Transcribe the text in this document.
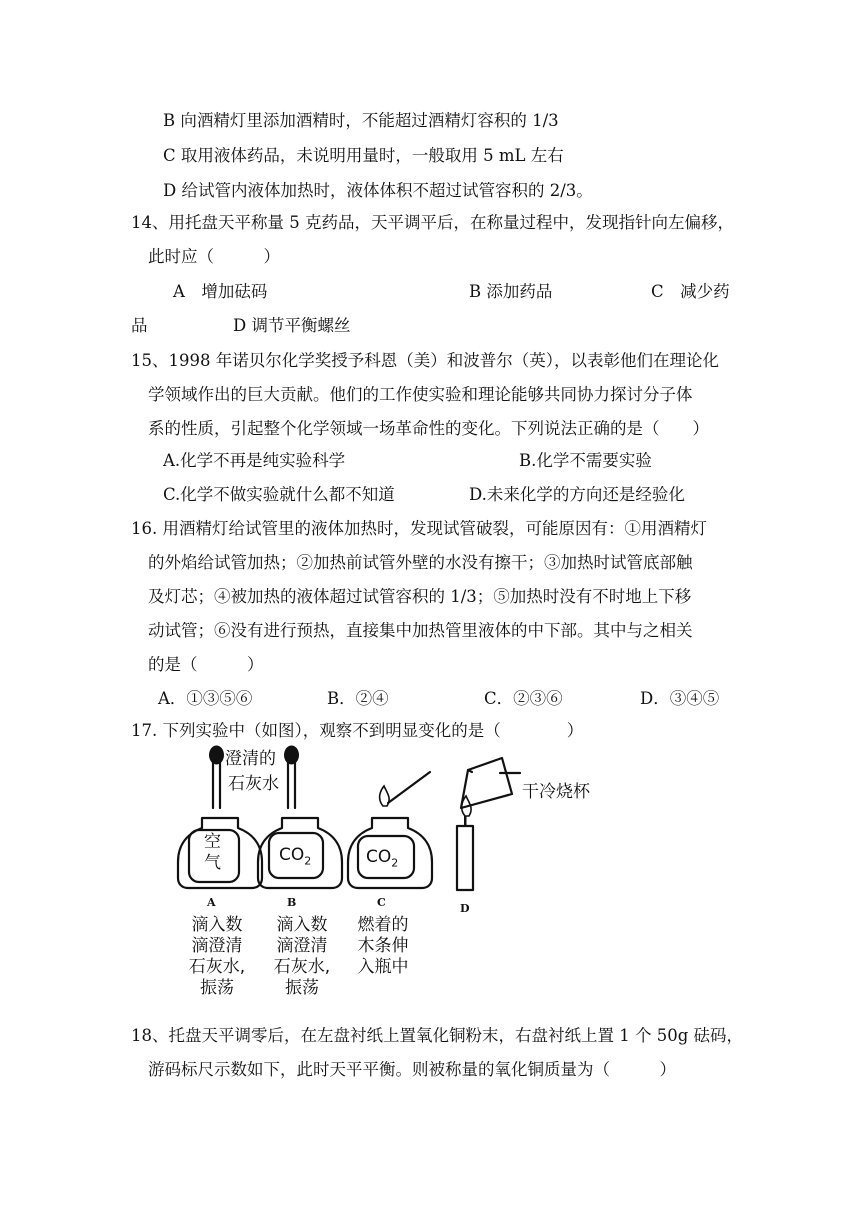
B 向酒精灯里添加酒精时，不能超过酒精灯容积的 1/3
C 取用液体药品，未说明用量时，一般取用 5 mL 左右
D 给试管内液体加热时，液体体积不超过试管容积的 2/3。
14、用托盘天平称量 5 克药品，天平调平后，在称量过程中，发现指针向左偏移，
此时应（　　　）
A　增加砝码	B 添加药品	C　减少药
品	D 调节平衡螺丝
15、1998 年诺贝尔化学奖授予科恩（美）和波普尔（英），以表彰他们在理论化
学领域作出的巨大贡献。他们的工作使实验和理论能够共同协力探讨分子体
系的性质，引起整个化学领域一场革命性的变化。下列说法正确的是（　　）
A.化学不再是纯实验科学	B.化学不需要实验
C.化学不做实验就什么都不知道	D.未来化学的方向还是经验化
16. 用酒精灯给试管里的液体加热时，发现试管破裂，可能原因有：①用酒精灯
的外焰给试管加热；②加热前试管外壁的水没有擦干；③加热时试管底部触
及灯芯；④被加热的液体超过试管容积的 1/3；⑤加热时没有不时地上下移
动试管；⑥没有进行预热，直接集中加热管里液体的中下部。其中与之相关
的是（　　　）
A．①③⑤⑥	B．②④	C．②③⑥	D．③④⑤
17. 下列实验中（如图），观察不到明显变化的是（　　　　）
澄清的
石灰水	干冷烧杯
空
气	$CO_2$	$CO_2$
A	B	C	D
滴入数
滴澄清
石灰水,
振荡
滴入数
滴澄清
石灰水,
振荡
燃着的
木条伸
入瓶中
18、托盘天平调零后，在左盘衬纸上置氧化铜粉末，右盘衬纸上置 1 个 50g 砝码，
游码标尺示数如下，此时天平平衡。则被称量的氧化铜质量为（　　　）
